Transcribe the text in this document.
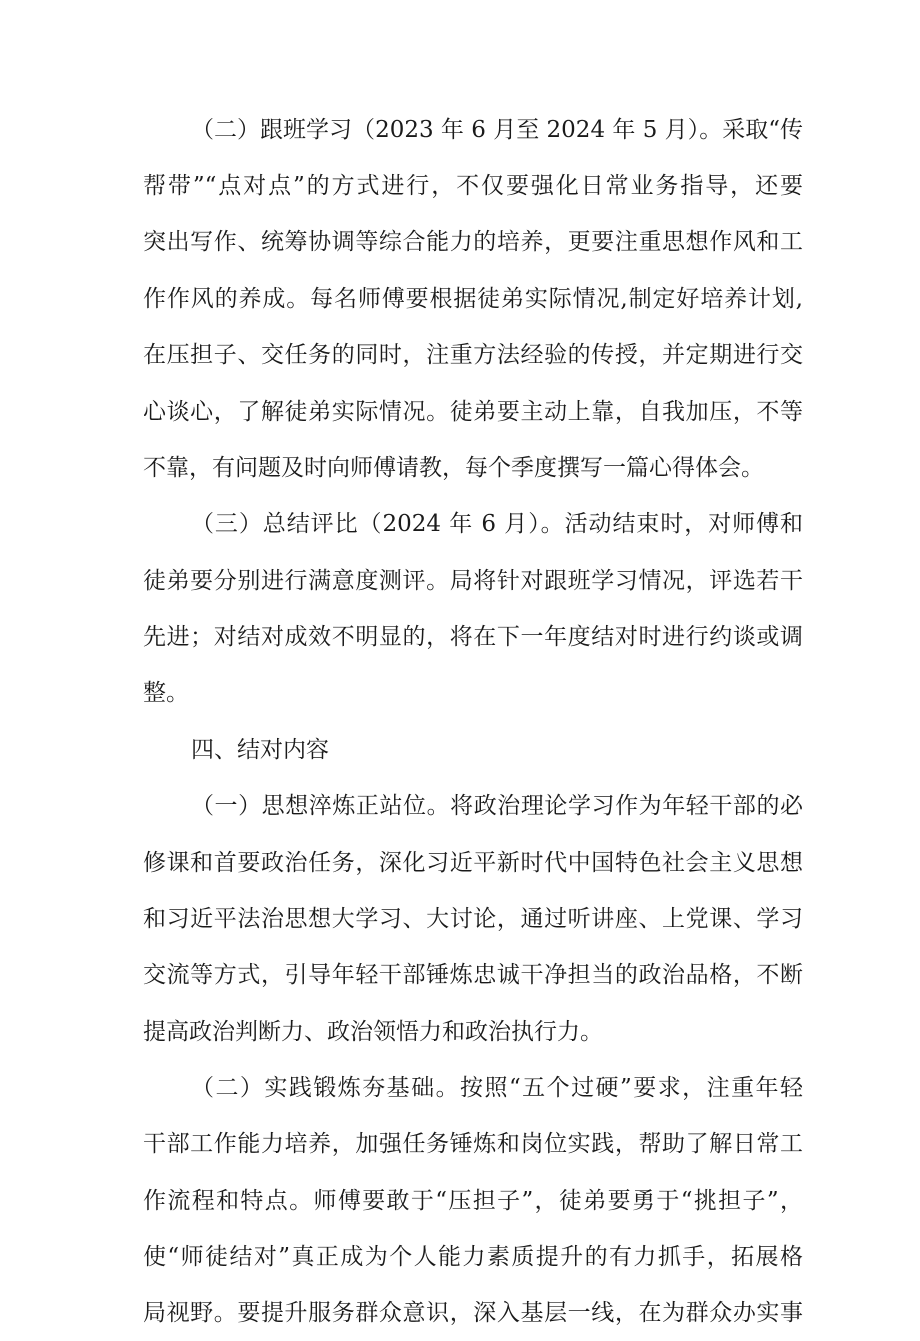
（二）跟班学习（2023 年 6 月至 2024 年 5 月）。采取“传
帮带”“点对点”的方式进行，不仅要强化日常业务指导，还要
突出写作、统筹协调等综合能力的培养，更要注重思想作风和工
作作风的养成。每名师傅要根据徒弟实际情况,制定好培养计划,
在压担子、交任务的同时，注重方法经验的传授，并定期进行交
心谈心，了解徒弟实际情况。徒弟要主动上靠，自我加压，不等
不靠，有问题及时向师傅请教，每个季度撰写一篇心得体会。
（三）总结评比（2024 年 6 月）。活动结束时，对师傅和
徒弟要分别进行满意度测评。局将针对跟班学习情况，评选若干
先进；对结对成效不明显的，将在下一年度结对时进行约谈或调
整。
四、结对内容
（一）思想淬炼正站位。将政治理论学习作为年轻干部的必
修课和首要政治任务，深化习近平新时代中国特色社会主义思想
和习近平法治思想大学习、大讨论，通过听讲座、上党课、学习
交流等方式，引导年轻干部锤炼忠诚干净担当的政治品格，不断
提高政治判断力、政治领悟力和政治执行力。
（二）实践锻炼夯基础。按照“五个过硬”要求，注重年轻
干部工作能力培养，加强任务锤炼和岗位实践，帮助了解日常工
作流程和特点。师傅要敢于“压担子”，徒弟要勇于“挑担子”，
使“师徒结对”真正成为个人能力素质提升的有力抓手，拓展格
局视野。要提升服务群众意识，深入基层一线，在为群众办实事
